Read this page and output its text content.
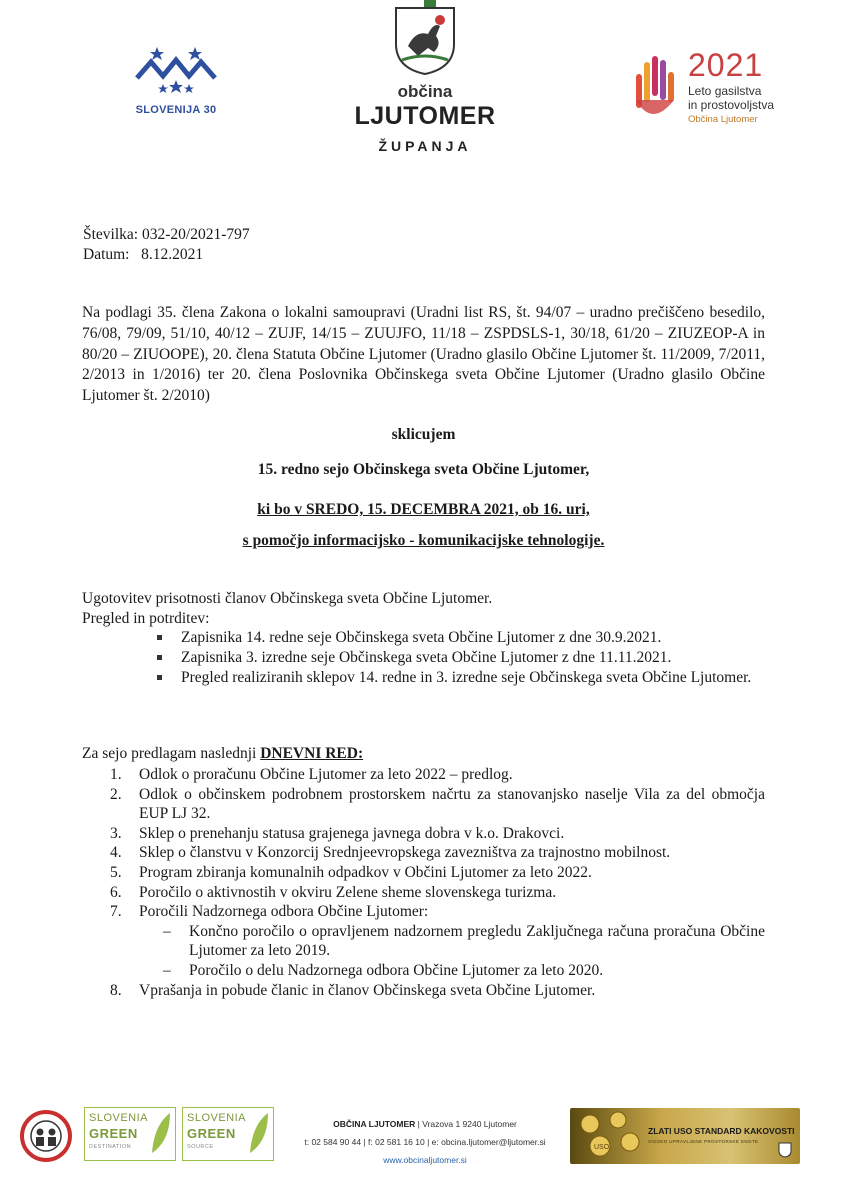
SLOVENIJA 30
občina
LJUTOMER
ŽUPANJA
2021
Leto gasilstva
in prostovoljstva
Občina Ljutomer
Številka: 032-20/2021-797
Datum:   8.12.2021
Na podlagi 35. člena Zakona o lokalni samoupravi (Uradni list RS, št. 94/07 – uradno prečiščeno besedilo, 76/08, 79/09, 51/10, 40/12 – ZUJF, 14/15 – ZUUJFO, 11/18 – ZSPDSLS-1, 30/18, 61/20 – ZIUZEOP-A in 80/20 – ZIUOOPE), 20. člena Statuta Občine Ljutomer (Uradno glasilo Občine Ljutomer št. 11/2009, 7/2011, 2/2013 in 1/2016) ter 20. člena Poslovnika Občinskega sveta Občine Ljutomer (Uradno glasilo Občine Ljutomer št. 2/2010)
sklicujem
15. redno sejo Občinskega sveta Občine Ljutomer,
ki bo v SREDO, 15. DECEMBRA 2021, ob 16. uri,
s pomočjo informacijsko - komunikacijske tehnologije.
Ugotovitev prisotnosti članov Občinskega sveta Občine Ljutomer.
Pregled in potrditev:
Zapisnika 14. redne seje Občinskega sveta Občine Ljutomer z dne 30.9.2021.
Zapisnika 3. izredne seje Občinskega sveta Občine Ljutomer z dne 11.11.2021.
Pregled realiziranih sklepov 14. redne in 3. izredne seje Občinskega sveta Občine Ljutomer.
Za sejo predlagam naslednji DNEVNI RED:
1. Odlok o proračunu Občine Ljutomer za leto 2022 – predlog.
2. Odlok o občinskem podrobnem prostorskem načrtu za stanovanjsko naselje Vila za del območja EUP LJ 32.
3. Sklep o prenehanju statusa grajenega javnega dobra v k.o. Drakovci.
4. Sklep o članstvu v Konzorcij Srednjeevropskega zavezništva za trajnostno mobilnost.
5. Program zbiranja komunalnih odpadkov v Občini Ljutomer za leto 2022.
6. Poročilo o aktivnostih v okviru Zelene sheme slovenskega turizma.
7. Poročili Nadzornega odbora Občine Ljutomer:
– Končno poročilo o opravljenem nadzornem pregledu Zaključnega računa proračuna Občine Ljutomer za leto 2019.
– Poročilo o delu Nadzornega odbora Občine Ljutomer za leto 2020.
8. Vprašanja in pobude članic in članov Občinskega sveta Občine Ljutomer.
SLOVENIA
GREEN
DESTINATION
SLOVENIA
GREEN
SOURCE
OBČINA LJUTOMER | Vrazova 1 9240 Ljutomer
t: 02 584 90 44 | f: 02 581 16 10 | e: obcina.ljutomer@ljutomer.si
www.obcinaljutomer.si
USO
ZLATI USO STANDARD KAKOVOSTI
VISOKO UPRAVLJENE PROSTORSKE ENOTE
